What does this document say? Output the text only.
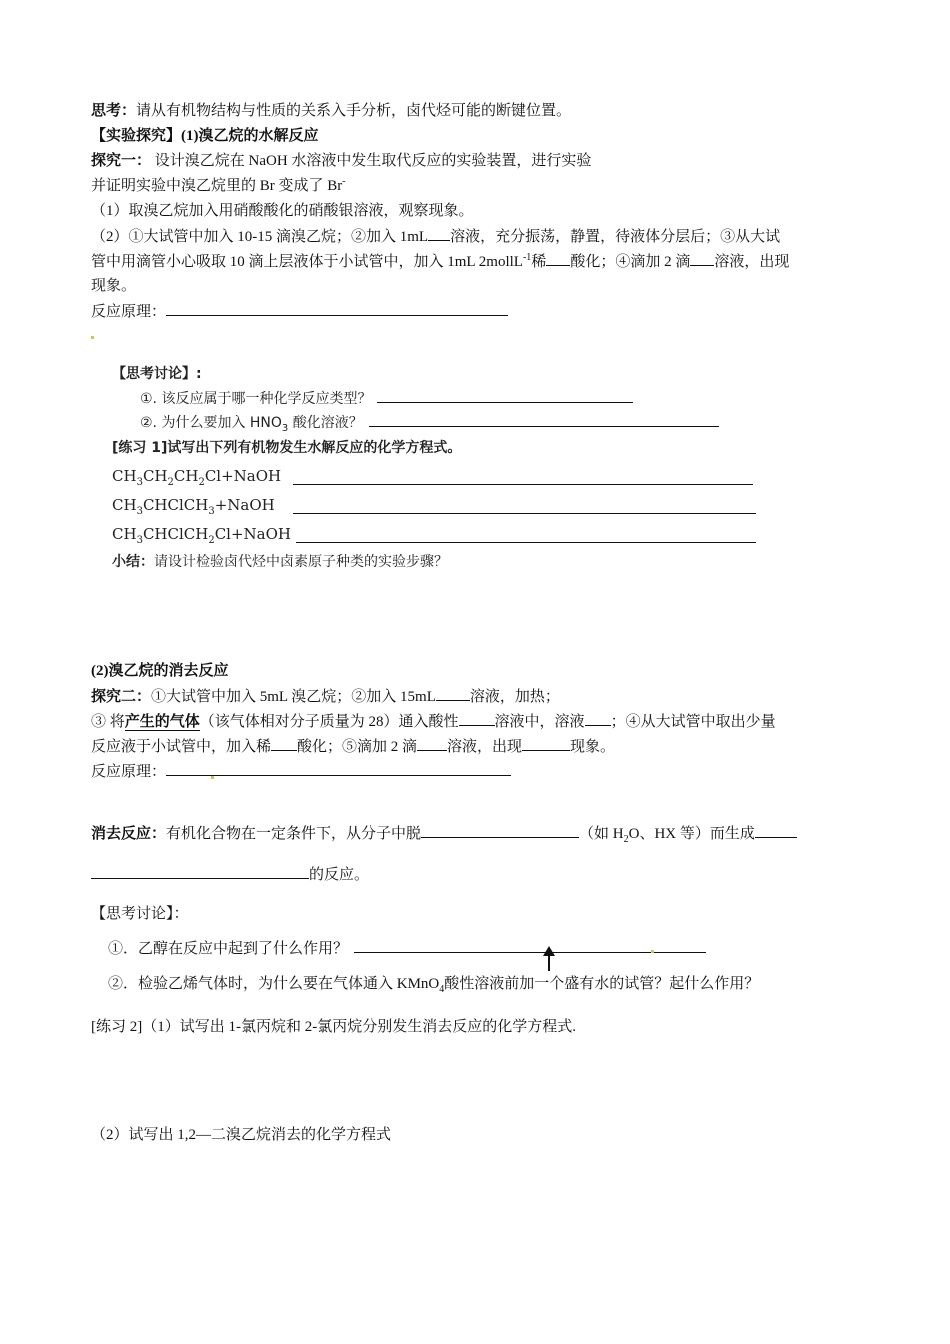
思考：请从有机物结构与性质的关系入手分析，卤代烃可能的断键位置。
【实验探究】(1)溴乙烷的水解反应
探究一： 设计溴乙烷在 NaOH 水溶液中发生取代反应的实验装置，进行实验
并证明实验中溴乙烷里的 Br 变成了 Br-
（1）取溴乙烷加入用硝酸酸化的硝酸银溶液，观察现象。
（2）①大试管中加入 10-15 滴溴乙烷；②加入 1mL 溶液，充分振荡，静置，待液体分层后；③从大试
管中用滴管小心吸取 10 滴上层液体于小试管中，加入 1mL 2mollL$^{-1}$稀 酸化；④滴加 2 滴 溶液，出现
现象。
反应原理：
【思考讨论】:
①. 该反应属于哪一种化学反应类型？
②. 为什么要加入 $HNO_3$ 酸化溶液？
[练习 1]试写出下列有机物发生水解反应的化学方程式。
$CH_3CH_2CH_2Cl+NaOH$
$CH_3CHClCH_3+NaOH$
$CH_3CHClCH_2Cl+NaOH$
小结：请设计检验卤代烃中卤素原子种类的实验步骤？
(2)溴乙烷的消去反应
探究二：①大试管中加入 5mL 溴乙烷；②加入 15mL 溶液，加热；
③ 将产生的气体（该气体相对分子质量为 28）通入酸性 溶液中，溶液 ；④从大试管中取出少量
反应液于小试管中，加入稀 酸化；⑤滴加 2 滴 溶液，出现	现象。
反应原理：
消去反应：有机化合物在一定条件下，从分子中脱	（如 $H_2O$、HX 等）而生成
的反应。
【思考讨论】：
①．乙醇在反应中起到了什么作用？
②．检验乙烯气体时，为什么要在气体通入 KMnO$_4$酸性溶液前加一个盛有水的试管？起什么作用？
[练习 2]（1）试写出 1-氯丙烷和 2-氯丙烷分别发生消去反应的化学方程式.
（2）试写出 1,2—二溴乙烷消去的化学方程式
